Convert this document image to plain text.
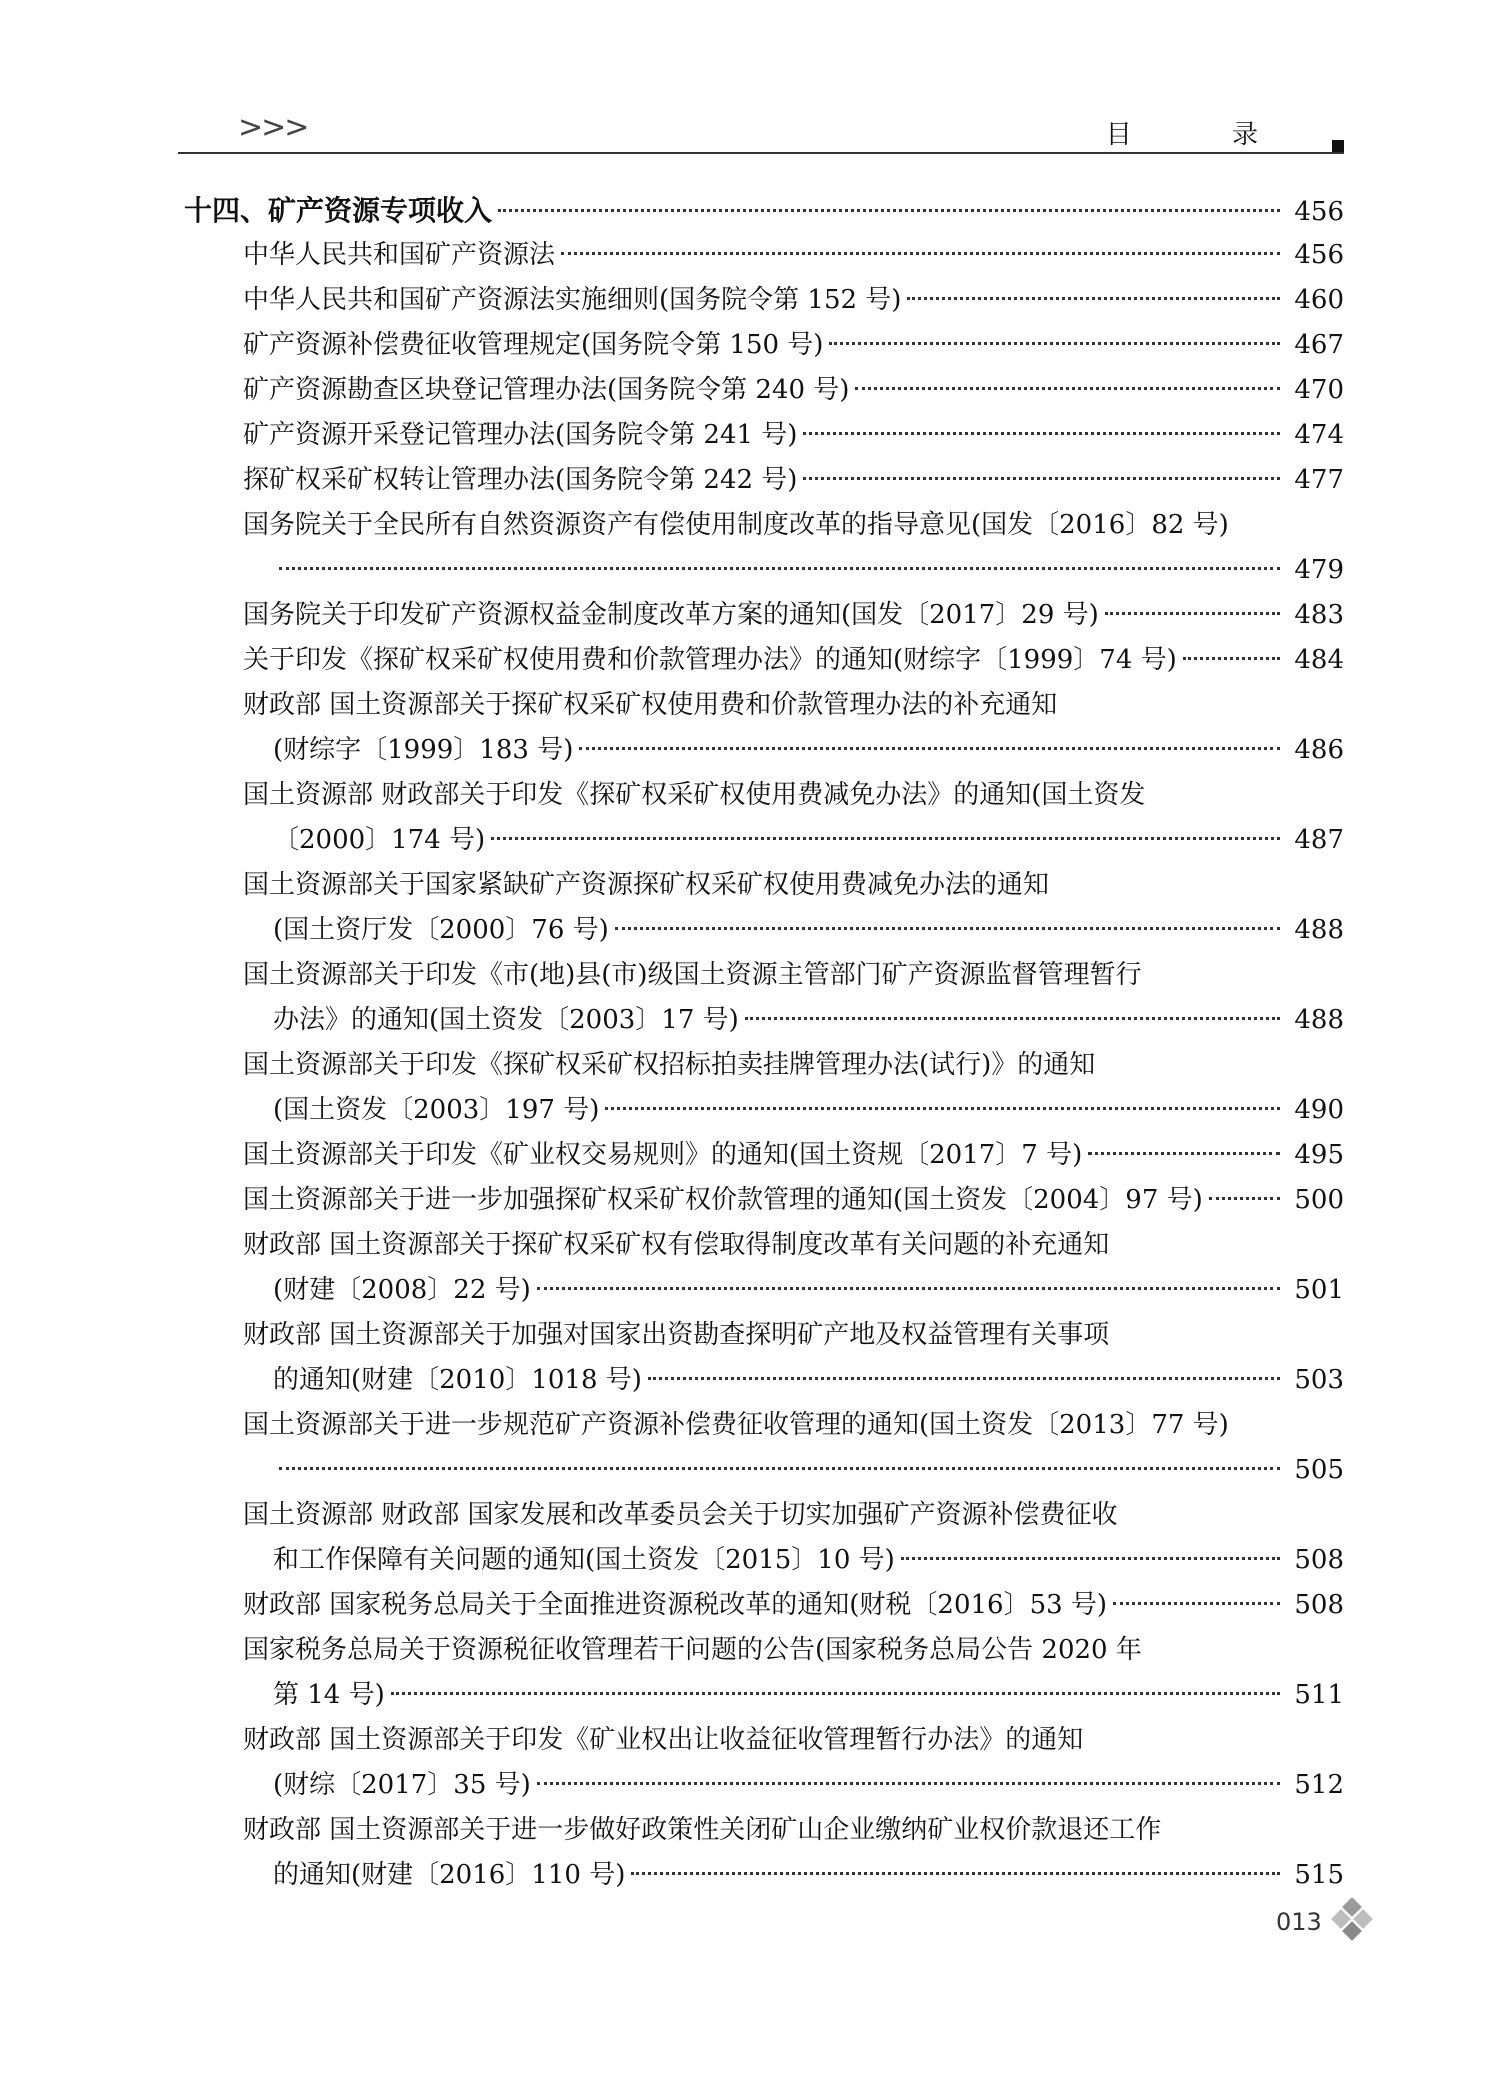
>>>	目 录
十四、矿产资源专项收入	456
中华人民共和国矿产资源法	456
中华人民共和国矿产资源法实施细则(国务院令第 152 号)	460
矿产资源补偿费征收管理规定(国务院令第 150 号)	467
矿产资源勘查区块登记管理办法(国务院令第 240 号)	470
矿产资源开采登记管理办法(国务院令第 241 号)	474
探矿权采矿权转让管理办法(国务院令第 242 号)	477
国务院关于全民所有自然资源资产有偿使用制度改革的指导意见(国发〔2016〕82 号)
479
国务院关于印发矿产资源权益金制度改革方案的通知(国发〔2017〕29 号)	483
关于印发《探矿权采矿权使用费和价款管理办法》的通知(财综字〔1999〕74 号)	484
财政部 国土资源部关于探矿权采矿权使用费和价款管理办法的补充通知
(财综字〔1999〕183 号)	486
国土资源部 财政部关于印发《探矿权采矿权使用费减免办法》的通知(国土资发
〔2000〕174 号)	487
国土资源部关于国家紧缺矿产资源探矿权采矿权使用费减免办法的通知
(国土资厅发〔2000〕76 号)	488
国土资源部关于印发《市(地)县(市)级国土资源主管部门矿产资源监督管理暂行
办法》的通知(国土资发〔2003〕17 号)	488
国土资源部关于印发《探矿权采矿权招标拍卖挂牌管理办法(试行)》的通知
(国土资发〔2003〕197 号)	490
国土资源部关于印发《矿业权交易规则》的通知(国土资规〔2017〕7 号)	495
国土资源部关于进一步加强探矿权采矿权价款管理的通知(国土资发〔2004〕97 号)	500
财政部 国土资源部关于探矿权采矿权有偿取得制度改革有关问题的补充通知
(财建〔2008〕22 号)	501
财政部 国土资源部关于加强对国家出资勘查探明矿产地及权益管理有关事项
的通知(财建〔2010〕1018 号)	503
国土资源部关于进一步规范矿产资源补偿费征收管理的通知(国土资发〔2013〕77 号)
505
国土资源部 财政部 国家发展和改革委员会关于切实加强矿产资源补偿费征收
和工作保障有关问题的通知(国土资发〔2015〕10 号)	508
财政部 国家税务总局关于全面推进资源税改革的通知(财税〔2016〕53 号)	508
国家税务总局关于资源税征收管理若干问题的公告(国家税务总局公告 2020 年
第 14 号)	511
财政部 国土资源部关于印发《矿业权出让收益征收管理暂行办法》的通知
(财综〔2017〕35 号)	512
财政部 国土资源部关于进一步做好政策性关闭矿山企业缴纳矿业权价款退还工作
的通知(财建〔2016〕110 号)	515
013
